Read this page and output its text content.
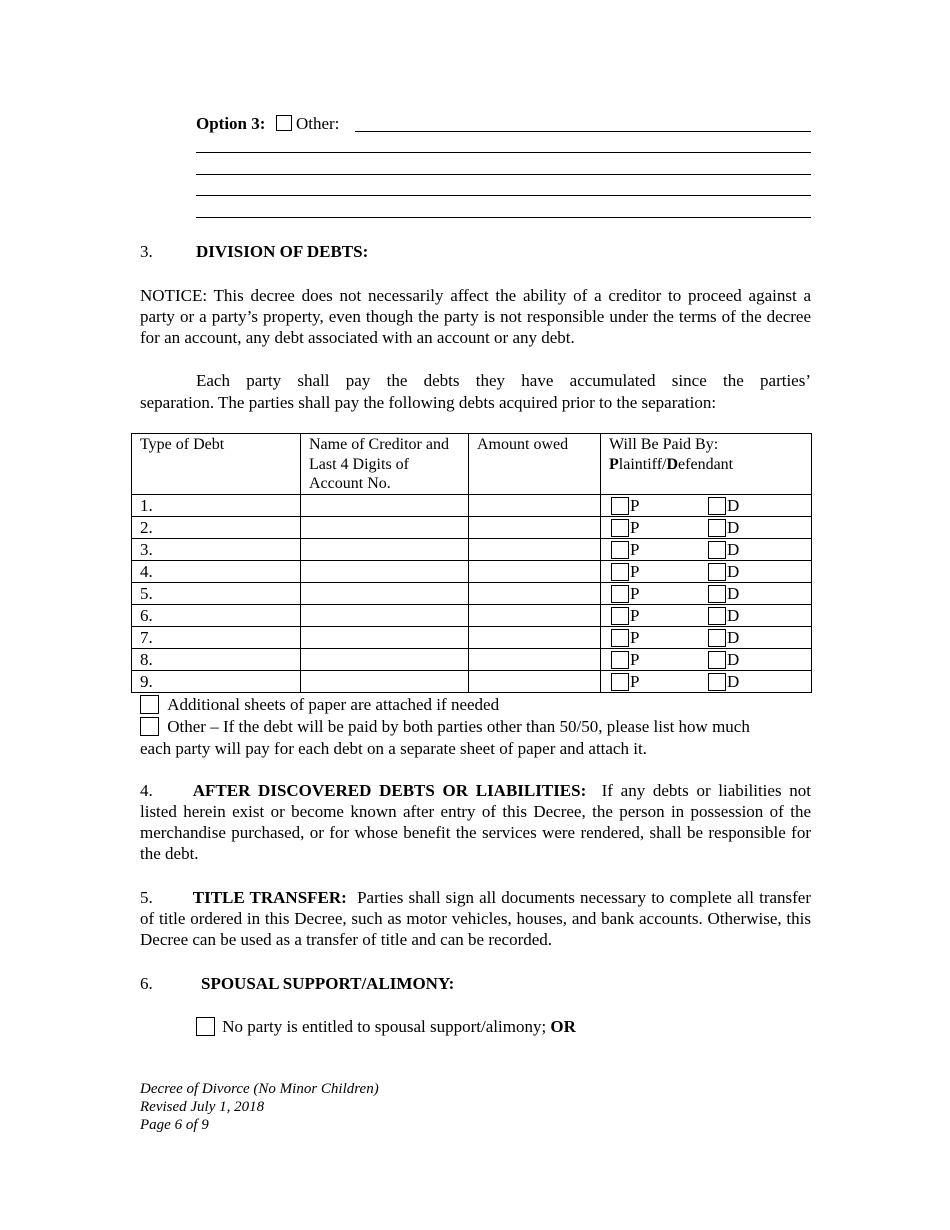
Option 3: Other:
3.	DIVISION OF DEBTS:
NOTICE: This decree does not necessarily affect the ability of a creditor to proceed against a party or a party’s property, even though the party is not responsible under the terms of the decree for an account, any debt associated with an account or any debt.
Each party shall pay the debts they have accumulated since the parties’
separation. The parties shall pay the following debts acquired prior to the separation:
Type of Debt	Name of Creditor and Last 4 Digits of Account No.	Amount owed	Will Be Paid By:
Plaintiff/Defendant

1.			P D

2.			P D

3.			P D

4.			P D

5.			P D

6.			P D

7.			P D

8.			P D

9.			P D
Additional sheets of paper are attached if needed
Other – If the debt will be paid by both parties other than 50/50, please list how much
each party will pay for each debt on a separate sheet of paper and attach it.
4. AFTER DISCOVERED DEBTS OR LIABILITIES: If any debts or liabilities not listed herein exist or become known after entry of this Decree, the person in possession of the merchandise purchased, or for whose benefit the services were rendered, shall be responsible for the debt.
5. TITLE TRANSFER: Parties shall sign all documents necessary to complete all transfer of title ordered in this Decree, such as motor vehicles, houses, and bank accounts. Otherwise, this Decree can be used as a transfer of title and can be recorded.
6.	SPOUSAL SUPPORT/ALIMONY:
No party is entitled to spousal support/alimony; OR
Decree of Divorce (No Minor Children)
Revised July 1, 2018
Page 6 of 9
